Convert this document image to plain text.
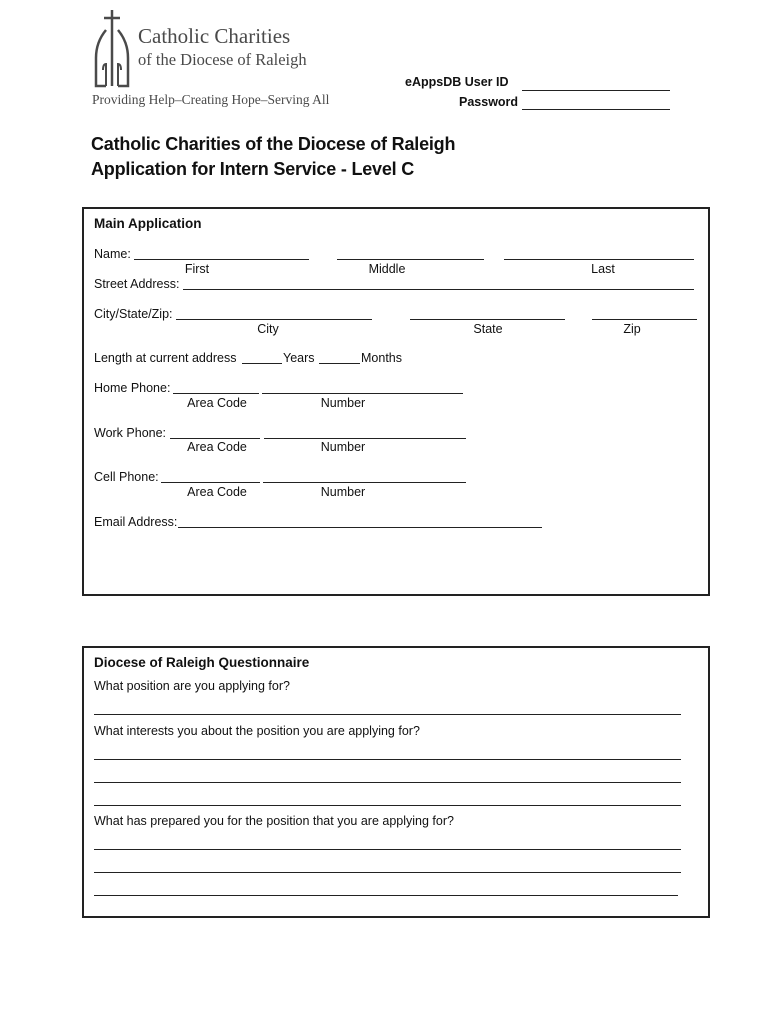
Catholic Charities
of the Diocese of Raleigh
Providing Help–Creating Hope–Serving All
eAppsDB User ID
Password
Catholic Charities of the Diocese of Raleigh
Application for Intern Service - Level C
Main Application
Name:
First	Middle	Last
Street Address:
City/State/Zip:
City	State	Zip
Length at current address	Years	Months
Home Phone:
Area Code	Number
Work Phone:
Area Code	Number
Cell Phone:
Area Code	Number
Email Address:
Diocese of Raleigh Questionnaire
What position are you applying for?
What interests you about the position you are applying for?
What has prepared you for the position that you are applying for?
